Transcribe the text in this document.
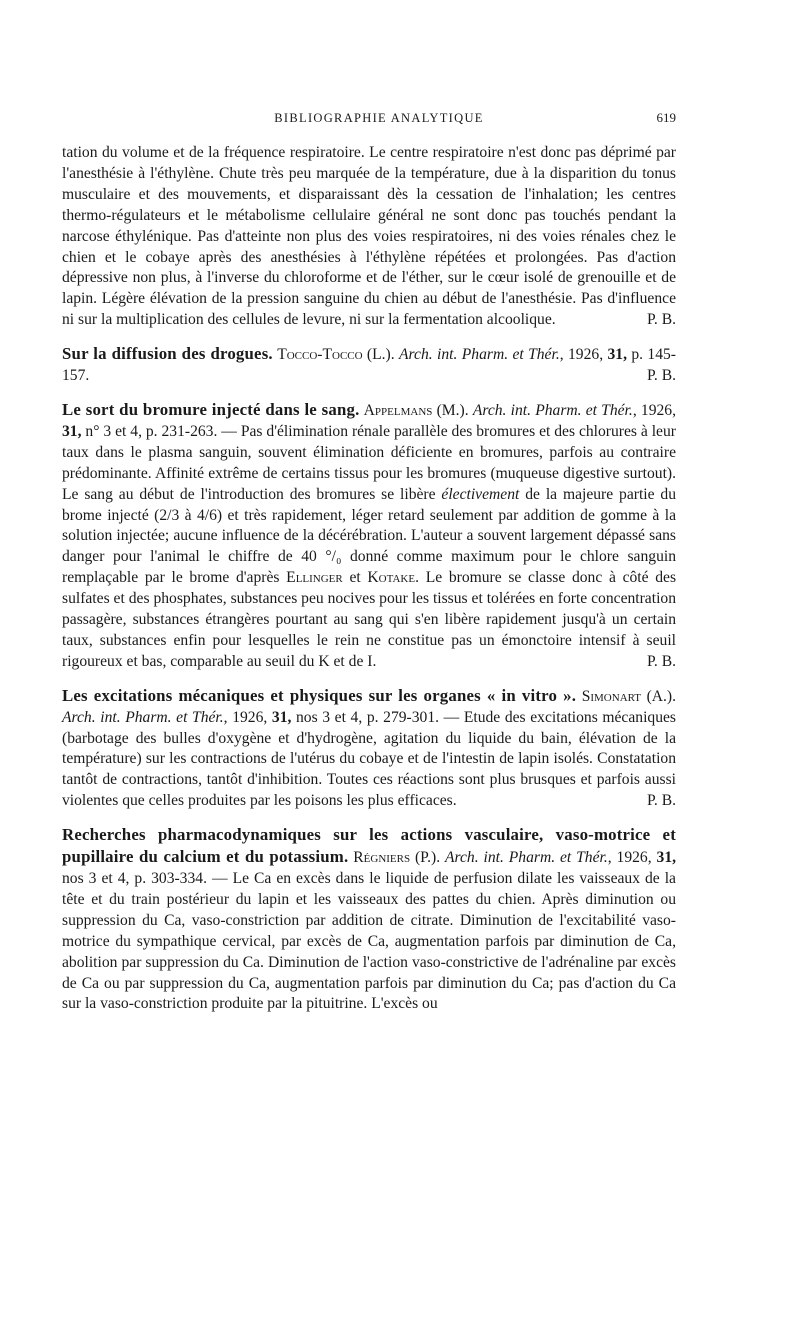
BIBLIOGRAPHIE ANALYTIQUE	619

tation du volume et de la fréquence respiratoire. Le centre respiratoire n'est donc pas déprimé par l'anesthésie à l'éthylène. Chute très peu marquée de la température, due à la disparition du tonus musculaire et des mouvements, et disparaissant dès la cessation de l'inhalation; les centres thermo-régulateurs et le métabolisme cellulaire général ne sont donc pas touchés pendant la narcose éthylénique. Pas d'atteinte non plus des voies respiratoires, ni des voies rénales chez le chien et le cobaye après des anesthésies à l'éthylène répétées et prolongées. Pas d'action dépressive non plus, à l'inverse du chloroforme et de l'éther, sur le cœur isolé de grenouille et de lapin. Légère élévation de la pression sanguine du chien au début de l'anesthésie. Pas d'influence ni sur la multiplication des cellules de levure, ni sur la fermentation alcoolique.	P. B.

Sur la diffusion des drogues. Tocco-Tocco (L.). Arch. int. Pharm. et Thér., 1926, 31, p. 145-157.	P. B.

Le sort du bromure injecté dans le sang. Appelmans (M.). Arch. int. Pharm. et Thér., 1926, 31, n° 3 et 4, p. 231-263. — Pas d'élimination rénale parallèle des bromures et des chlorures à leur taux dans le plasma sanguin, souvent élimination déficiente en bromures, parfois au contraire prédominante. Affinité extrême de certains tissus pour les bromures (muqueuse digestive surtout). Le sang au début de l'introduction des bromures se libère électivement de la majeure partie du brome injecté (2/3 à 4/6) et très rapidement, léger retard seulement par addition de gomme à la solution injectée; aucune influence de la décérébration. L'auteur a souvent largement dépassé sans danger pour l'animal le chiffre de 40 °/₀ donné comme maximum pour le chlore sanguin remplaçable par le brome d'après Ellinger et Kotake. Le bromure se classe donc à côté des sulfates et des phosphates, substances peu nocives pour les tissus et tolérées en forte concentration passagère, substances étrangères pourtant au sang qui s'en libère rapidement jusqu'à un certain taux, substances enfin pour lesquelles le rein ne constitue pas un émonctoire intensif à seuil rigoureux et bas, comparable au seuil du K et de I.	P. B.

Les excitations mécaniques et physiques sur les organes « in vitro ». Simonart (A.). Arch. int. Pharm. et Thér., 1926, 31, nos 3 et 4, p. 279-301. — Etude des excitations mécaniques (barbotage des bulles d'oxygène et d'hydrogène, agitation du liquide du bain, élévation de la température) sur les contractions de l'utérus du cobaye et de l'intestin de lapin isolés. Constatation tantôt de contractions, tantôt d'inhibition. Toutes ces réactions sont plus brusques et parfois aussi violentes que celles produites par les poisons les plus efficaces.	P. B.

Recherches pharmacodynamiques sur les actions vasculaire, vaso-motrice et pupillaire du calcium et du potassium. Régniers (P.). Arch. int. Pharm. et Thér., 1926, 31, nos 3 et 4, p. 303-334. — Le Ca en excès dans le liquide de perfusion dilate les vaisseaux de la tête et du train postérieur du lapin et les vaisseaux des pattes du chien. Après diminution ou suppression du Ca, vaso-constriction par addition de citrate. Diminution de l'excitabilité vaso-motrice du sympathique cervical, par excès de Ca, augmentation parfois par diminution de Ca, abolition par suppression du Ca. Diminution de l'action vaso-constrictive de l'adrénaline par excès de Ca ou par suppression du Ca, augmentation parfois par diminution du Ca; pas d'action du Ca sur la vaso-constriction produite par la pituitrine. L'excès ou
